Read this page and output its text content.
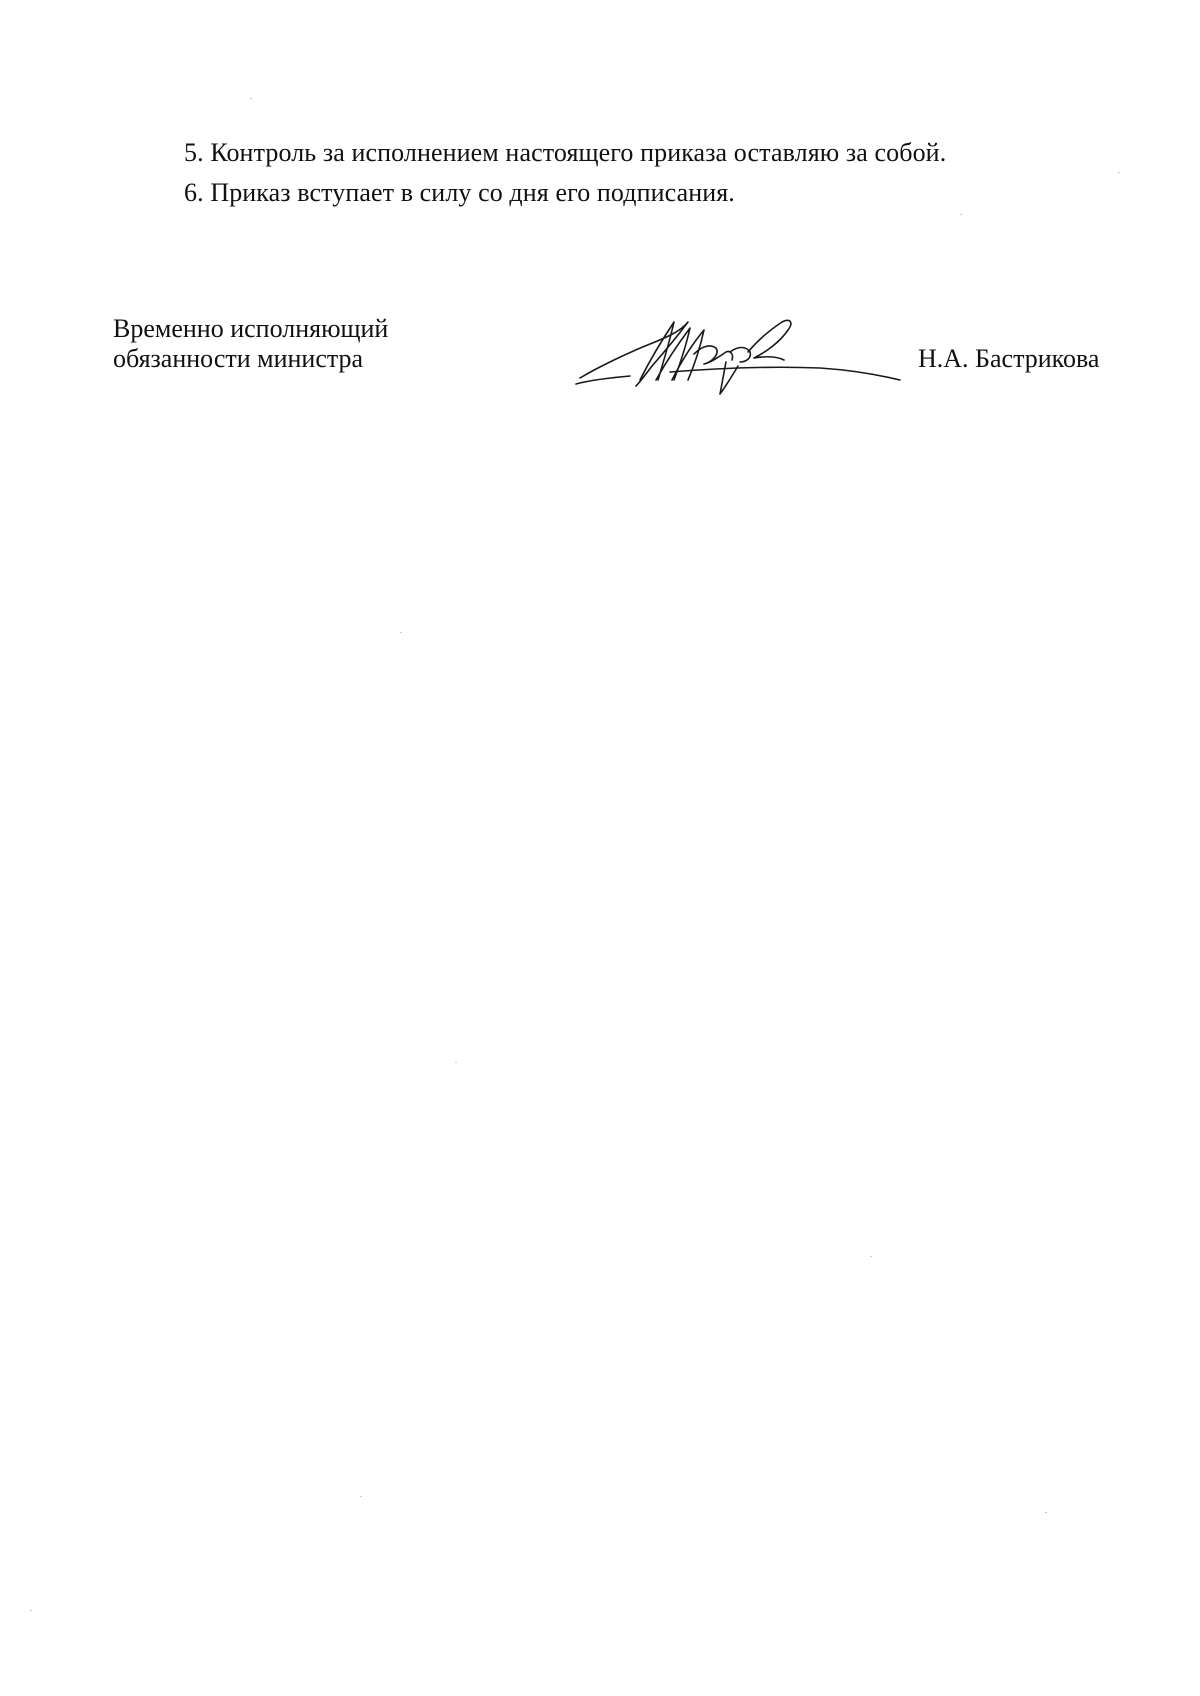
5. Контроль за исполнением настоящего приказа оставляю за собой.
6. Приказ вступает в силу со дня его подписания.
Временно исполняющий
обязанности министра	Н.А. Бастрикова
